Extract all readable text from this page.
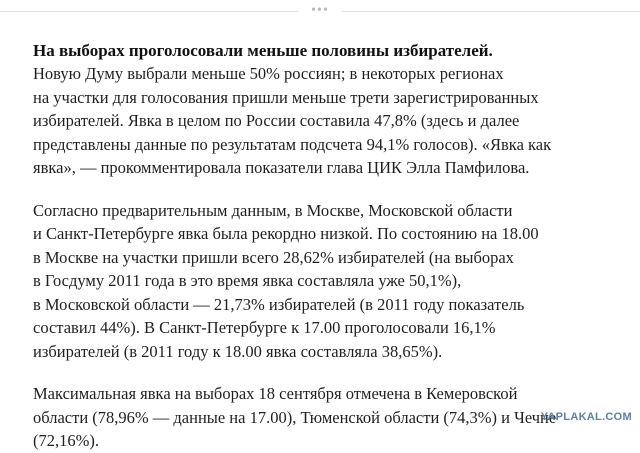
•••
На выборах проголосовали меньше половины избирателей.

Новую Думу выбрали меньше 50% россиян; в некоторых регионах
на участки для голосования пришли меньше трети зарегистрированных
избирателей. Явка в целом по России составила 47,8% (здесь и далее
представлены данные по результатам подсчета 94,1% голосов). «Явка как
явка», — прокомментировала показатели глава ЦИК Элла Памфилова.

Согласно предварительным данным, в Москве, Московской области
и Санкт-Петербурге явка была рекордно низкой. По состоянию на 18.00
в Москве на участки пришли всего 28,62% избирателей (на выборах
в Госдуму 2011 года в это время явка составляла уже 50,1%),
в Московской области — 21,73% избирателей (в 2011 году показатель
составил 44%). В Санкт-Петербурге к 17.00 проголосовали 16,1%
избирателей (в 2011 году к 18.00 явка составляла 38,65%).

Максимальная явка на выборах 18 сентября отмечена в Кемеровской
области (78,96% — данные на 17.00), Тюменской области (74,3%) и Чечне
(72,16%).

YAPLAKAL.COM
